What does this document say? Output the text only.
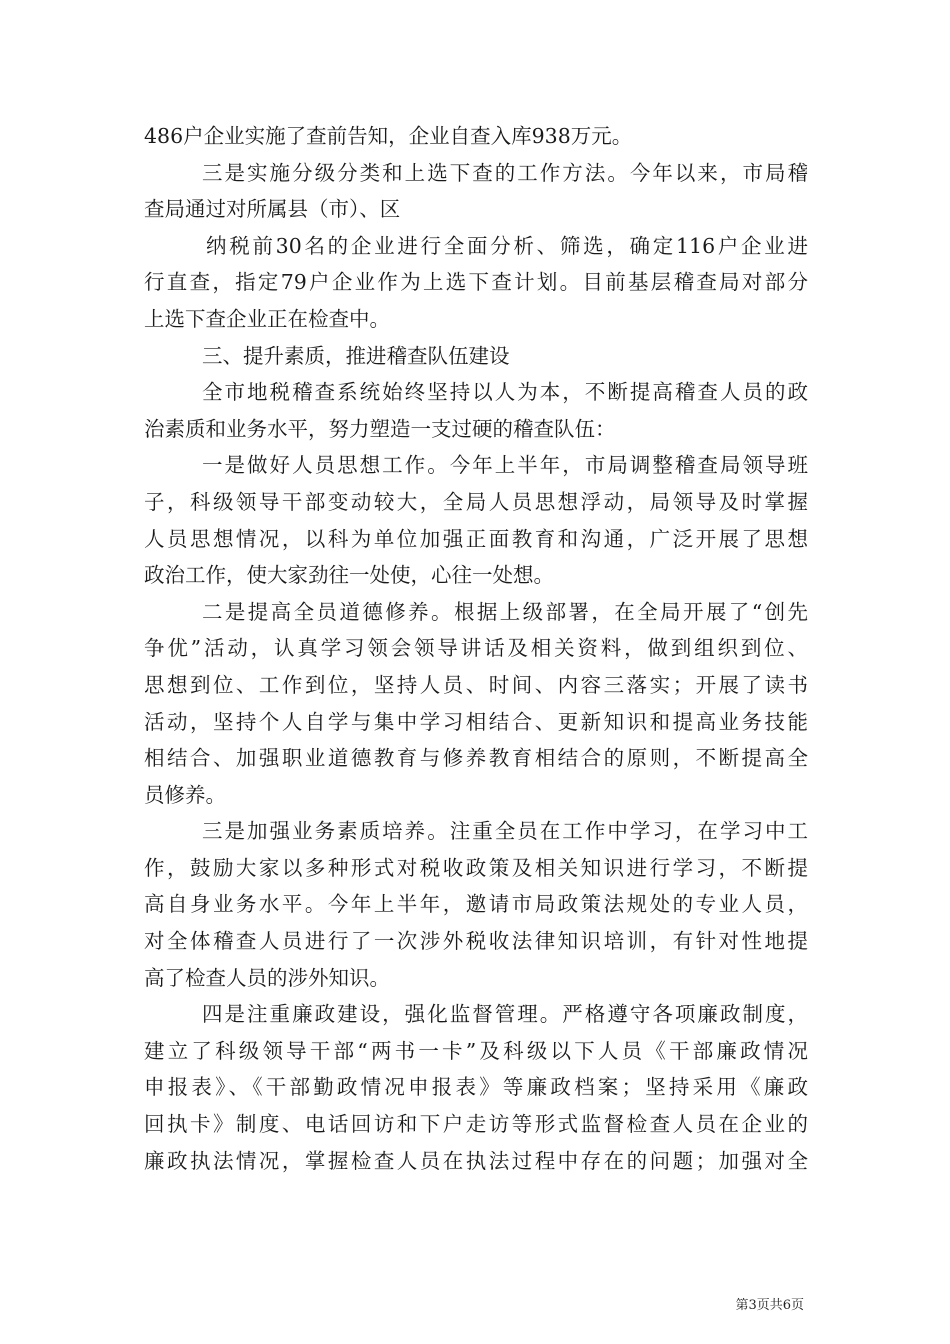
486户企业实施了查前告知，企业自查入库938万元。
三是实施分级分类和上选下查的工作方法。今年以来，市局稽
查局通过对所属县（市）、区
纳税前30名的企业进行全面分析、筛选，确定116户企业进
行直查，指定79户企业作为上选下查计划。目前基层稽查局对部分
上选下查企业正在检查中。
三、提升素质，推进稽查队伍建设
全市地税稽查系统始终坚持以人为本，不断提高稽查人员的政
治素质和业务水平，努力塑造一支过硬的稽查队伍：
一是做好人员思想工作。今年上半年，市局调整稽查局领导班
子，科级领导干部变动较大，全局人员思想浮动，局领导及时掌握
人员思想情况，以科为单位加强正面教育和沟通，广泛开展了思想
政治工作，使大家劲往一处使，心往一处想。
二是提高全员道德修养。根据上级部署，在全局开展了“创先
争优”活动，认真学习领会领导讲话及相关资料，做到组织到位、
思想到位、工作到位，坚持人员、时间、内容三落实；开展了读书
活动，坚持个人自学与集中学习相结合、更新知识和提高业务技能
相结合、加强职业道德教育与修养教育相结合的原则，不断提高全
员修养。
三是加强业务素质培养。注重全员在工作中学习，在学习中工
作，鼓励大家以多种形式对税收政策及相关知识进行学习，不断提
高自身业务水平。今年上半年，邀请市局政策法规处的专业人员，
对全体稽查人员进行了一次涉外税收法律知识培训，有针对性地提
高了检查人员的涉外知识。
四是注重廉政建设，强化监督管理。严格遵守各项廉政制度，
建立了科级领导干部“两书一卡”及科级以下人员《干部廉政情况
申报表》、《干部勤政情况申报表》等廉政档案；坚持采用《廉政
回执卡》制度、电话回访和下户走访等形式监督检查人员在企业的
廉政执法情况，掌握检查人员在执法过程中存在的问题；加强对全
第3页共6页
